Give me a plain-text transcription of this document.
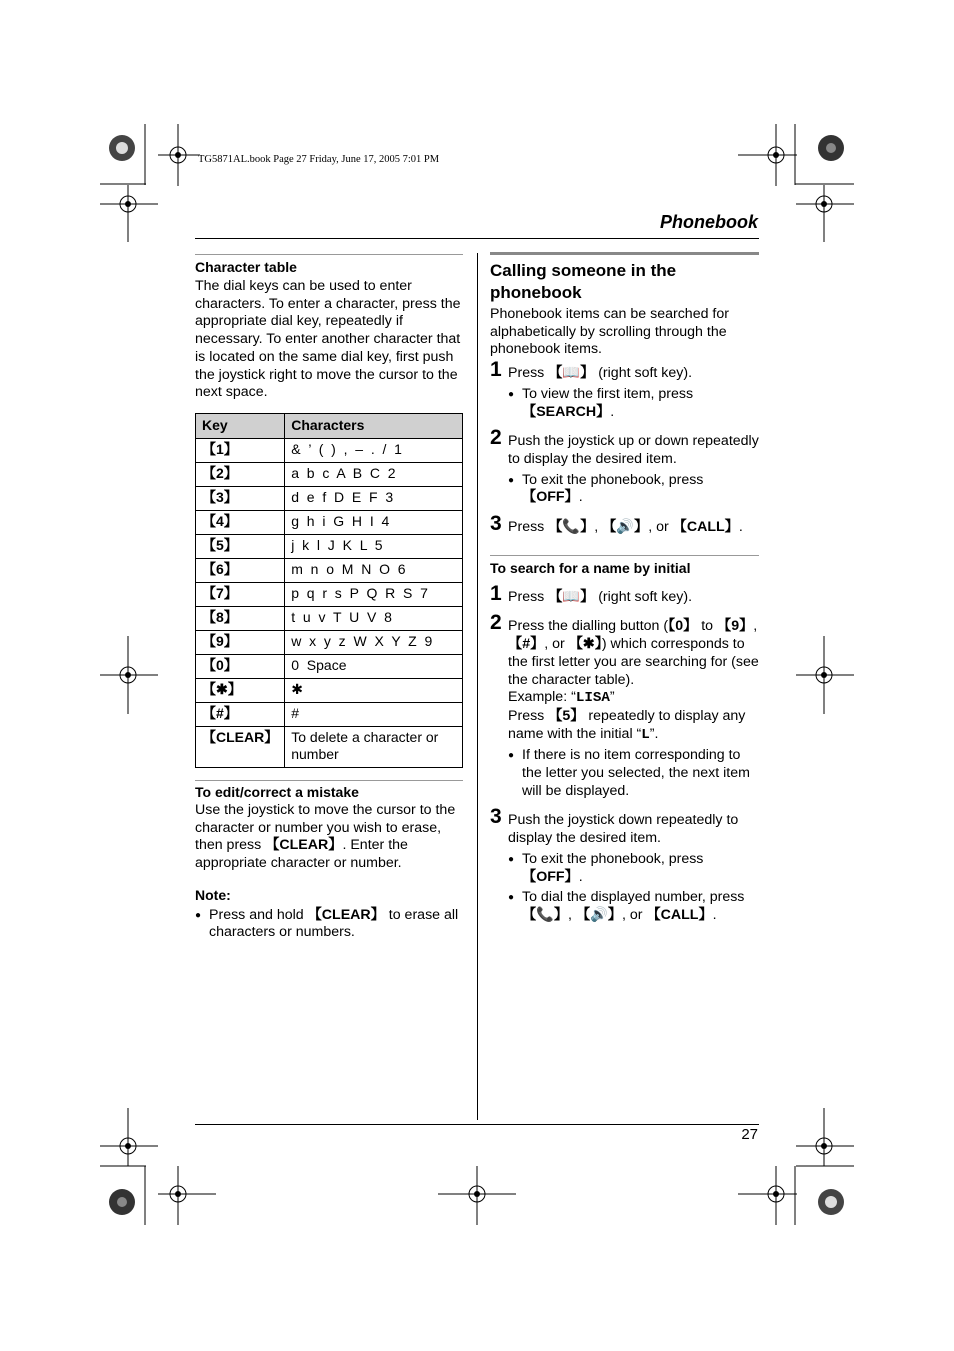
TG5871AL.book Page 27 Friday, June 17, 2005 7:01 PM
Phonebook
Character table

The dial keys can be used to enter characters. To enter a character, press the appropriate dial key, repeatedly if necessary. To enter another character that is located on the same dial key, first push the joystick right to move the cursor to the next space.

Key	Characters
【1】	&  ’  (  )  ,  –  .  /  1
【2】	a  b  c  A  B  C  2
【3】	d  e  f  D  E  F  3
【4】	g  h  i  G  H  I  4
【5】	j  k  l  J  K  L  5
【6】	m  n  o  M  N  O  6
【7】	p  q  r  s  P  Q  R  S  7
【8】	t  u  v  T  U  V  8
【9】	w  x  y  z  W  X  Y  Z  9
【0】	0  Space
【✱】	✱
【#】	#
【CLEAR】	To delete a character or number
To edit/correct a mistake

Use the joystick to move the cursor to the character or number you wish to erase, then press 【CLEAR】. Enter the appropriate character or number.

Note:
● Press and hold 【CLEAR】 to erase all characters or numbers.
Calling someone in the phonebook

Phonebook items can be searched for alphabetically by scrolling through the phonebook items.

1 Press 【📖】 (right soft key).
● To view the first item, press 【SEARCH】.
2 Push the joystick up or down repeatedly to display the desired item.
● To exit the phonebook, press 【OFF】.
3 Press 【📞】, 【🔊】, or 【CALL】.
To search for a name by initial
1 Press 【📖】 (right soft key).
2 Press the dialling button (【0】 to 【9】, 【#】, or 【✱】) which corresponds to the first letter you are searching for (see the character table).
Example: “LISA”
Press 【5】 repeatedly to display any name with the initial “L”.
● If there is no item corresponding to the letter you selected, the next item will be displayed.
3 Push the joystick down repeatedly to display the desired item.
● To exit the phonebook, press 【OFF】.
● To dial the displayed number, press 【📞】, 【🔊】, or 【CALL】.
27
